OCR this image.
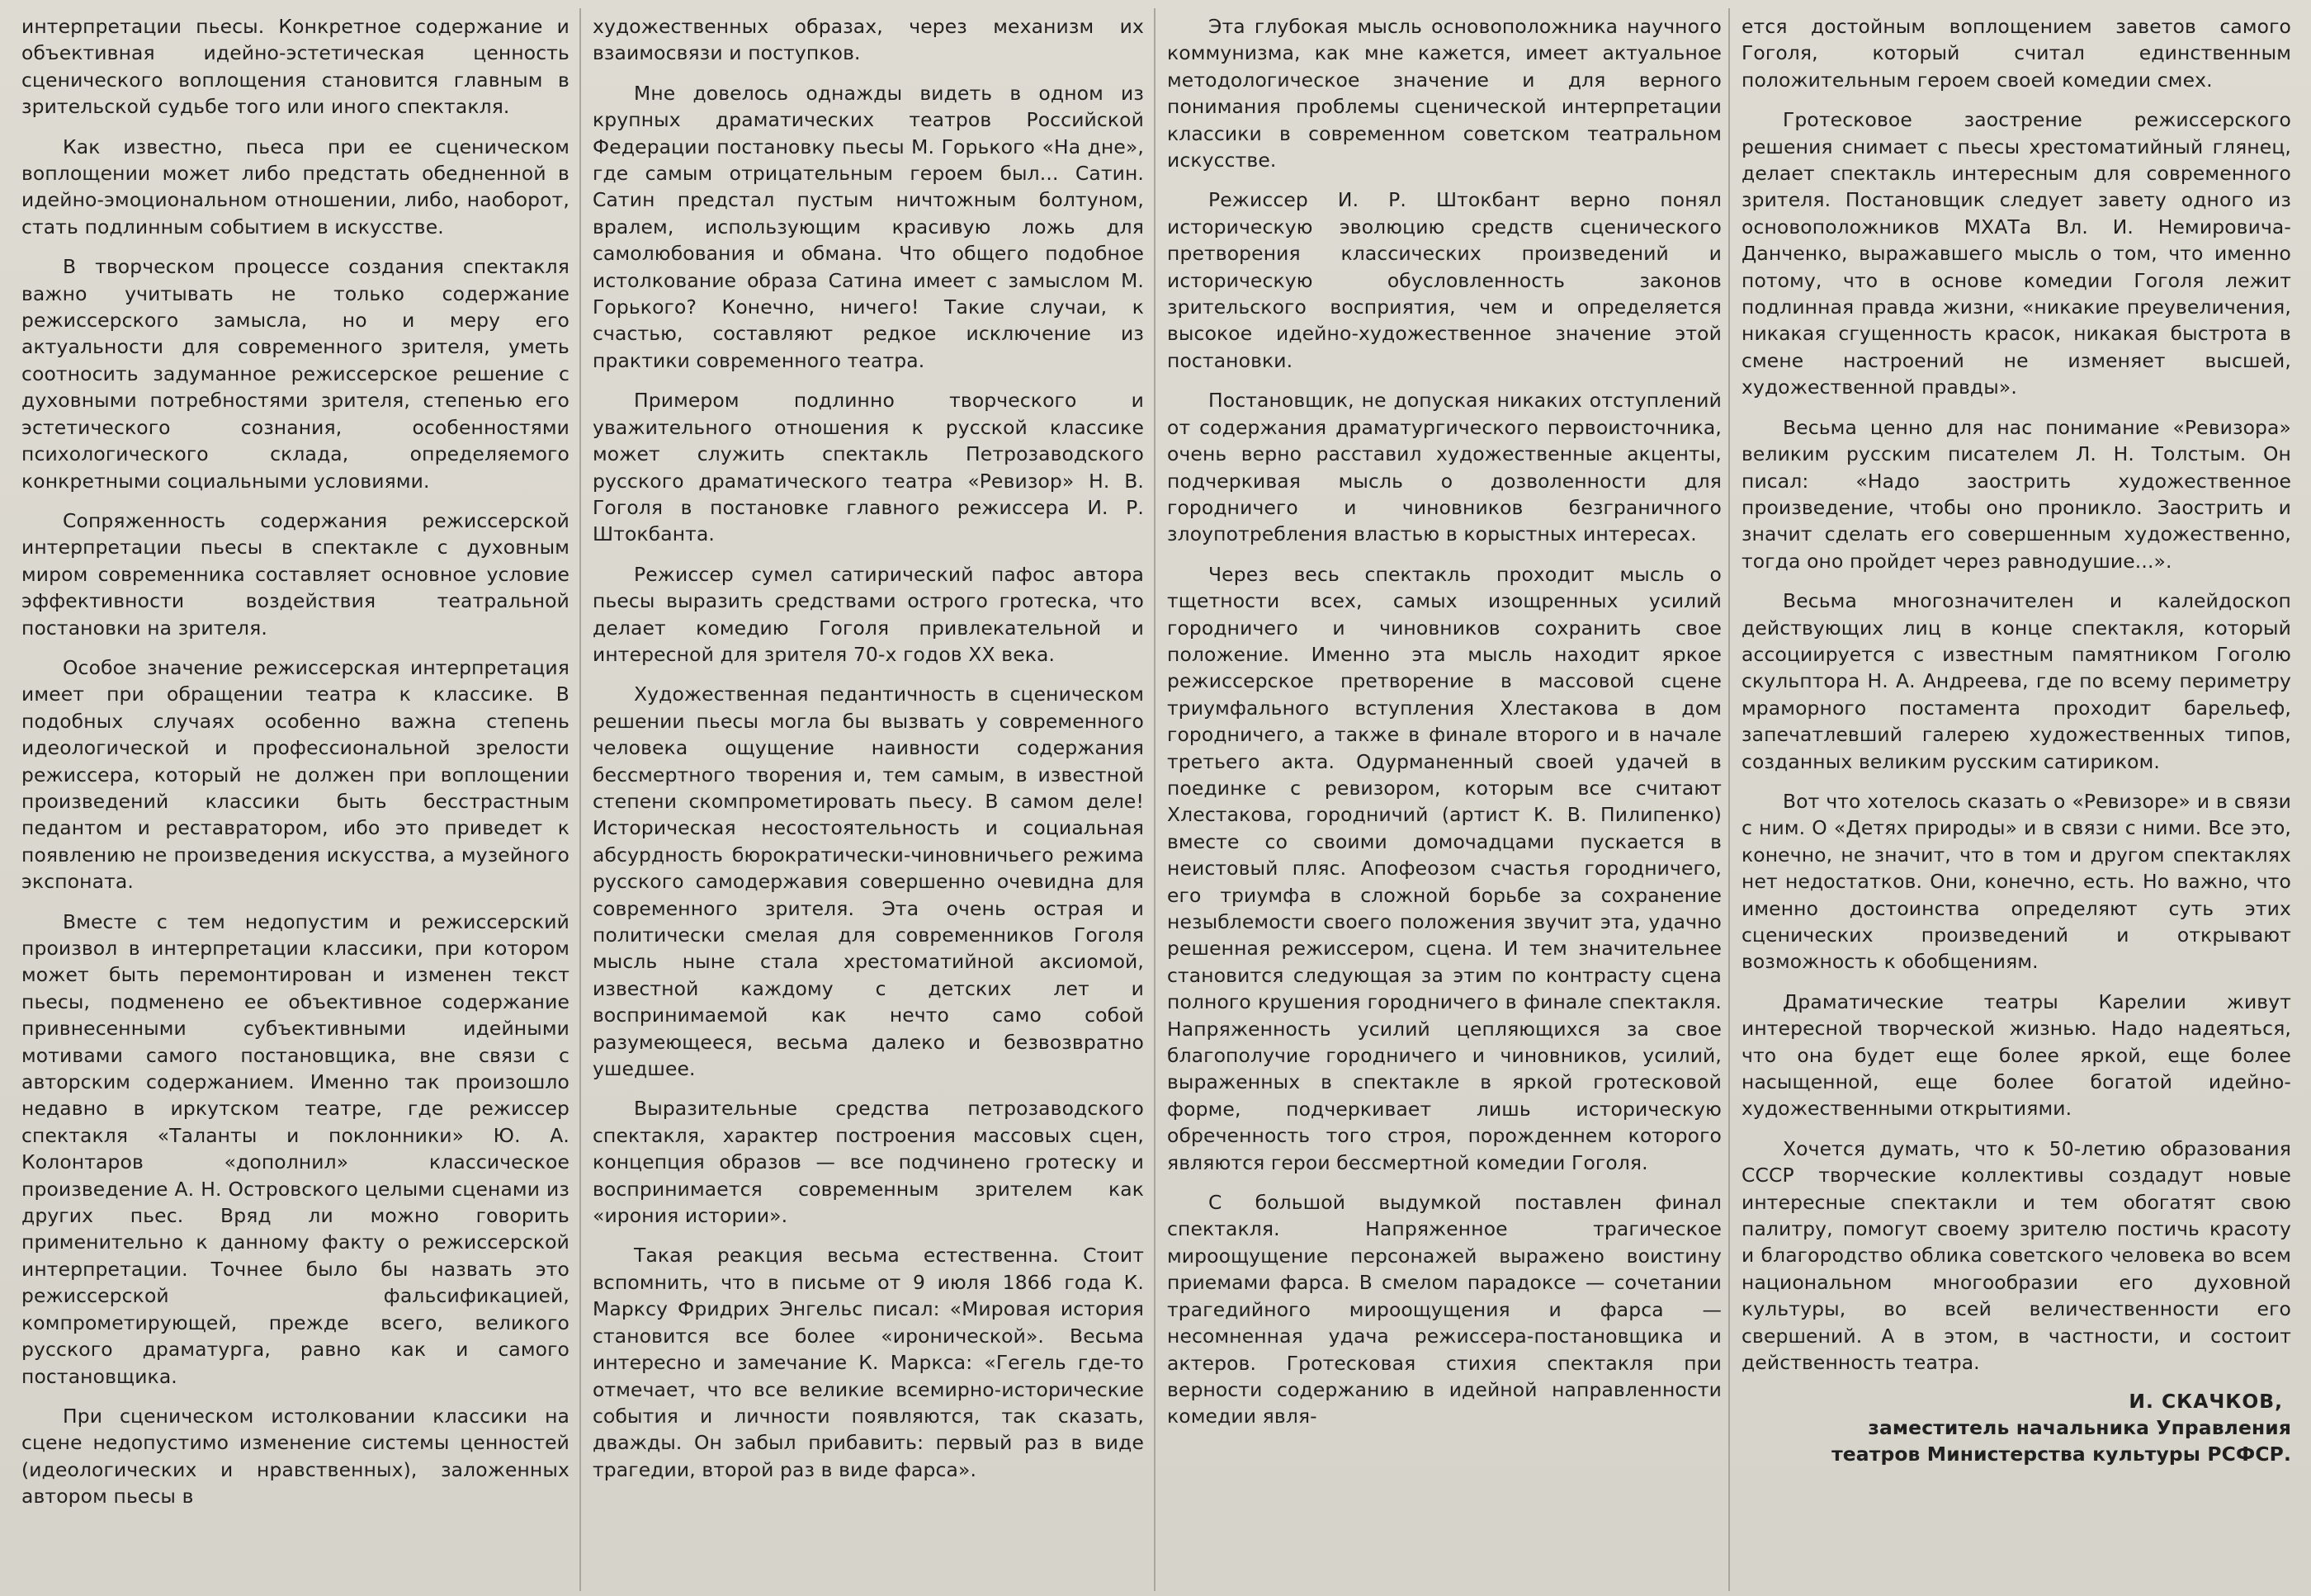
интерпретации пьесы. Конкретное содержание и объективная идейно-эстетическая ценность сценического воплощения становится главным в зрительской судьбе того или иного спектакля.

Как известно, пьеса при ее сценическом воплощении может либо предстать обедненной в идейно-эмоциональном отношении, либо, наоборот, стать подлинным событием в искусстве.

В творческом процессе создания спектакля важно учитывать не только содержание режиссерского замысла, но и меру его актуальности для современного зрителя, уметь соотносить задуманное режиссерское решение с духовными потребностями зрителя, степенью его эстетического сознания, особенностями психологического склада, определяемого конкретными социальными условиями.

Сопряженность содержания режиссерской интерпретации пьесы в спектакле с духовным миром современника составляет основное условие эффективности воздействия театральной постановки на зрителя.

Особое значение режиссерская интерпретация имеет при обращении театра к классике. В подобных случаях особенно важна степень идеологической и профессиональной зрелости режиссера, который не должен при воплощении произведений классики быть бесстрастным педантом и реставратором, ибо это приведет к появлению не произведения искусства, а музейного экспоната.

Вместе с тем недопустим и режиссерский произвол в интерпретации классики, при котором может быть перемонтирован и изменен текст пьесы, подменено ее объективное содержание привнесенными субъективными идейными мотивами самого постановщика, вне связи с авторским содержанием. Именно так произошло недавно в иркутском театре, где режиссер спектакля «Таланты и поклонники» Ю. А. Колонтаров «дополнил» классическое произведение А. Н. Островского целыми сценами из других пьес. Вряд ли можно говорить применительно к данному факту о режиссерской интерпретации. Точнее было бы назвать это режиссерской фальсификацией, компрометирующей, прежде всего, великого русского драматурга, равно как и самого постановщика.

При сценическом истолковании классики на сцене недопустимо изменение системы ценностей (идеологических и нравственных), заложенных автором пьесы в

художественных образах, через механизм их взаимосвязи и поступков.

Мне довелось однажды видеть в одном из крупных драматических театров Российской Федерации постановку пьесы М. Горького «На дне», где самым отрицательным героем был... Сатин. Сатин предстал пустым ничтожным болтуном, вралем, использующим красивую ложь для самолюбования и обмана. Что общего подобное истолкование образа Сатина имеет с замыслом М. Горького? Конечно, ничего! Такие случаи, к счастью, составляют редкое исключение из практики современного театра.

Примером подлинно творческого и уважительного отношения к русской классике может служить спектакль Петрозаводского русского драматического театра «Ревизор» Н. В. Гоголя в постановке главного режиссера И. Р. Штокбанта.

Режиссер сумел сатирический пафос автора пьесы выразить средствами острого гротеска, что делает комедию Гоголя привлекательной и интересной для зрителя 70-х годов XX века.

Художественная педантичность в сценическом решении пьесы могла бы вызвать у современного человека ощущение наивности содержания бессмертного творения и, тем самым, в известной степени скомпрометировать пьесу. В самом деле! Историческая несостоятельность и социальная абсурдность бюрократически-чиновничьего режима русского самодержавия совершенно очевидна для современного зрителя. Эта очень острая и политически смелая для современников Гоголя мысль ныне стала хрестоматийной аксиомой, известной каждому с детских лет и воспринимаемой как нечто само собой разумеющееся, весьма далеко и безвозвратно ушедшее.

Выразительные средства петрозаводского спектакля, характер построения массовых сцен, концепция образов — все подчинено гротеску и воспринимается современным зрителем как «ирония истории».

Такая реакция весьма естественна. Стоит вспомнить, что в письме от 9 июля 1866 года К. Марксу Фридрих Энгельс писал: «Мировая история становится все более «иронической». Весьма интересно и замечание К. Маркса: «Гегель где-то отмечает, что все великие всемирно-исторические события и личности появляются, так сказать, дважды. Он забыл прибавить: первый раз в виде трагедии, второй раз в виде фарса».

Эта глубокая мысль основоположника научного коммунизма, как мне кажется, имеет актуальное методологическое значение и для верного понимания проблемы сценической интерпретации классики в современном советском театральном искусстве.

Режиссер И. Р. Штокбант верно понял историческую эволюцию средств сценического претворения классических произведений и историческую обусловленность законов зрительского восприятия, чем и определяется высокое идейно-художественное значение этой постановки.

Постановщик, не допуская никаких отступлений от содержания драматургического первоисточника, очень верно расставил художественные акценты, подчеркивая мысль о дозволенности для городничего и чиновников безграничного злоупотребления властью в корыстных интересах.

Через весь спектакль проходит мысль о тщетности всех, самых изощренных усилий городничего и чиновников сохранить свое положение. Именно эта мысль находит яркое режиссерское претворение в массовой сцене триумфального вступления Хлестакова в дом городничего, а также в финале второго и в начале третьего акта. Одурманенный своей удачей в поединке с ревизором, которым все считают Хлестакова, городничий (артист К. В. Пилипенко) вместе со своими домочадцами пускается в неистовый пляс. Апофеозом счастья городничего, его триумфа в сложной борьбе за сохранение незыблемости своего положения звучит эта, удачно решенная режиссером, сцена. И тем значительнее становится следующая за этим по контрасту сцена полного крушения городничего в финале спектакля. Напряженность усилий цепляющихся за свое благополучие городничего и чиновников, усилий, выраженных в спектакле в яркой гротесковой форме, подчеркивает лишь историческую обреченность того строя, порожденнем которого являются герои бессмертной комедии Гоголя.

С большой выдумкой поставлен финал спектакля. Напряженное трагическое мироощущение персонажей выражено воистину приемами фарса. В смелом парадоксе — сочетании трагедийного мироощущения и фарса — несомненная удача режиссера-постановщика и актеров. Гротесковая стихия спектакля при верности содержанию в идейной направленности комедии явля-

ется достойным воплощением заветов самого Гоголя, который считал единственным положительным героем своей комедии смех.

Гротесковое заострение режиссерского решения снимает с пьесы хрестоматийный глянец, делает спектакль интересным для современного зрителя. Постановщик следует завету одного из основоположников МХАТа Вл. И. Немировича-Данченко, выражавшего мысль о том, что именно потому, что в основе комедии Гоголя лежит подлинная правда жизни, «никакие преувеличения, никакая сгущенность красок, никакая быстрота в смене настроений не изменяет высшей, художественной правды».

Весьма ценно для нас понимание «Ревизора» великим русским писателем Л. Н. Толстым. Он писал: «Надо заострить художественное произведение, чтобы оно проникло. Заострить и значит сделать его совершенным художественно, тогда оно пройдет через равнодушие...».

Весьма многозначителен и калейдоскоп действующих лиц в конце спектакля, который ассоциируется с известным памятником Гоголю скульптора Н. А. Андреева, где по всему периметру мраморного постамента проходит барельеф, запечатлевший галерею художественных типов, созданных великим русским сатириком.

Вот что хотелось сказать о «Ревизоре» и в связи с ним. О «Детях природы» и в связи с ними. Все это, конечно, не значит, что в том и другом спектаклях нет недостатков. Они, конечно, есть. Но важно, что именно достоинства определяют суть этих сценических произведений и открывают возможность к обобщениям.

Драматические театры Карелии живут интересной творческой жизнью. Надо надеяться, что она будет еще более яркой, еще более насыщенной, еще более богатой идейно-художественными открытиями.

Хочется думать, что к 50-летию образования СССР творческие коллективы создадут новые интересные спектакли и тем обогатят свою палитру, помогут своему зрителю постичь красоту и благородство облика советского человека во всем национальном многообразии его духовной культуры, во всей величественности его свершений. А в этом, в частности, и состоит действенность театра.

И. СКАЧКОВ,

заместитель начальника Управления театров Министерства культуры РСФСР.
